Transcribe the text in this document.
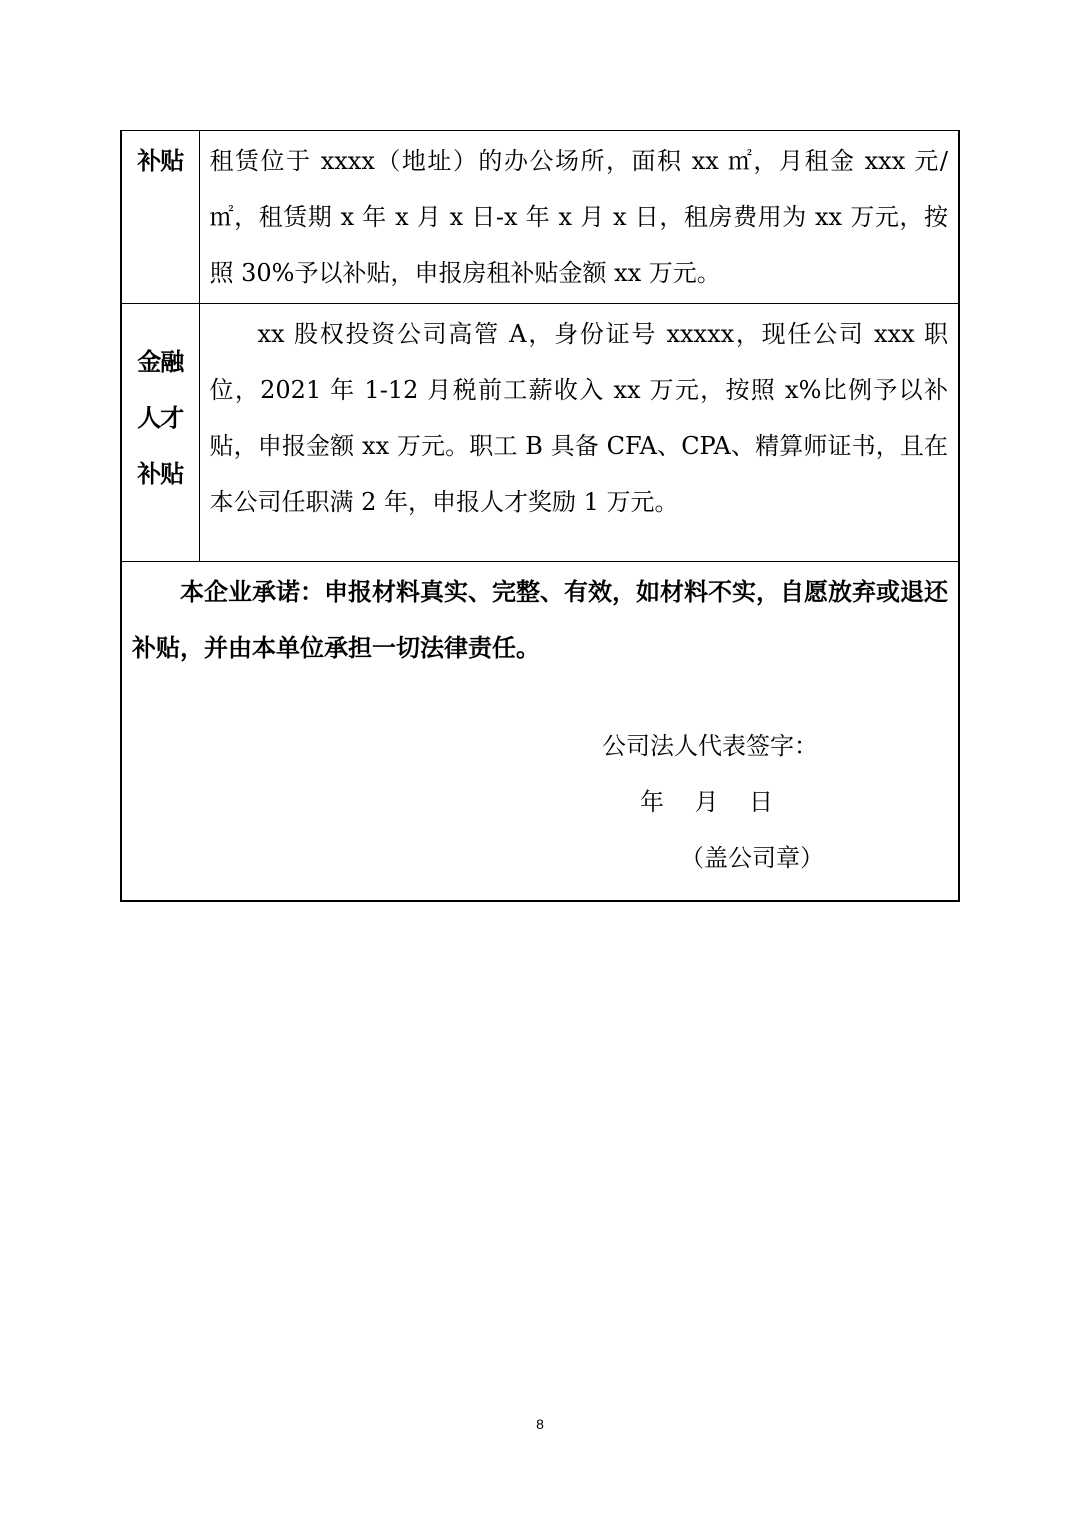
补贴	租赁位于 xxxx（地址）的办公场所，面积 xx ㎡，月租金 xxx 元/㎡，租赁期 x 年 x 月 x 日-x 年 x 月 x 日，租房费用为 xx 万元，按照 30%予以补贴，申报房租补贴金额 xx 万元。

金融
人才
补贴	xx 股权投资公司高管 A，身份证号 xxxxx，现任公司 xxx 职位，2021 年 1-12 月税前工薪收入 xx 万元，按照 x%比例予以补贴，申报金额 xx 万元。职工 B 具备 CFA、CPA、精算师证书，且在本公司任职满 2 年，申报人才奖励 1 万元。

本企业承诺：申报材料真实、完整、有效，如材料不实，自愿放弃或退还补贴，并由本单位承担一切法律责任。
公司法人代表签字：
年    月    日
（盖公司章）	
8
